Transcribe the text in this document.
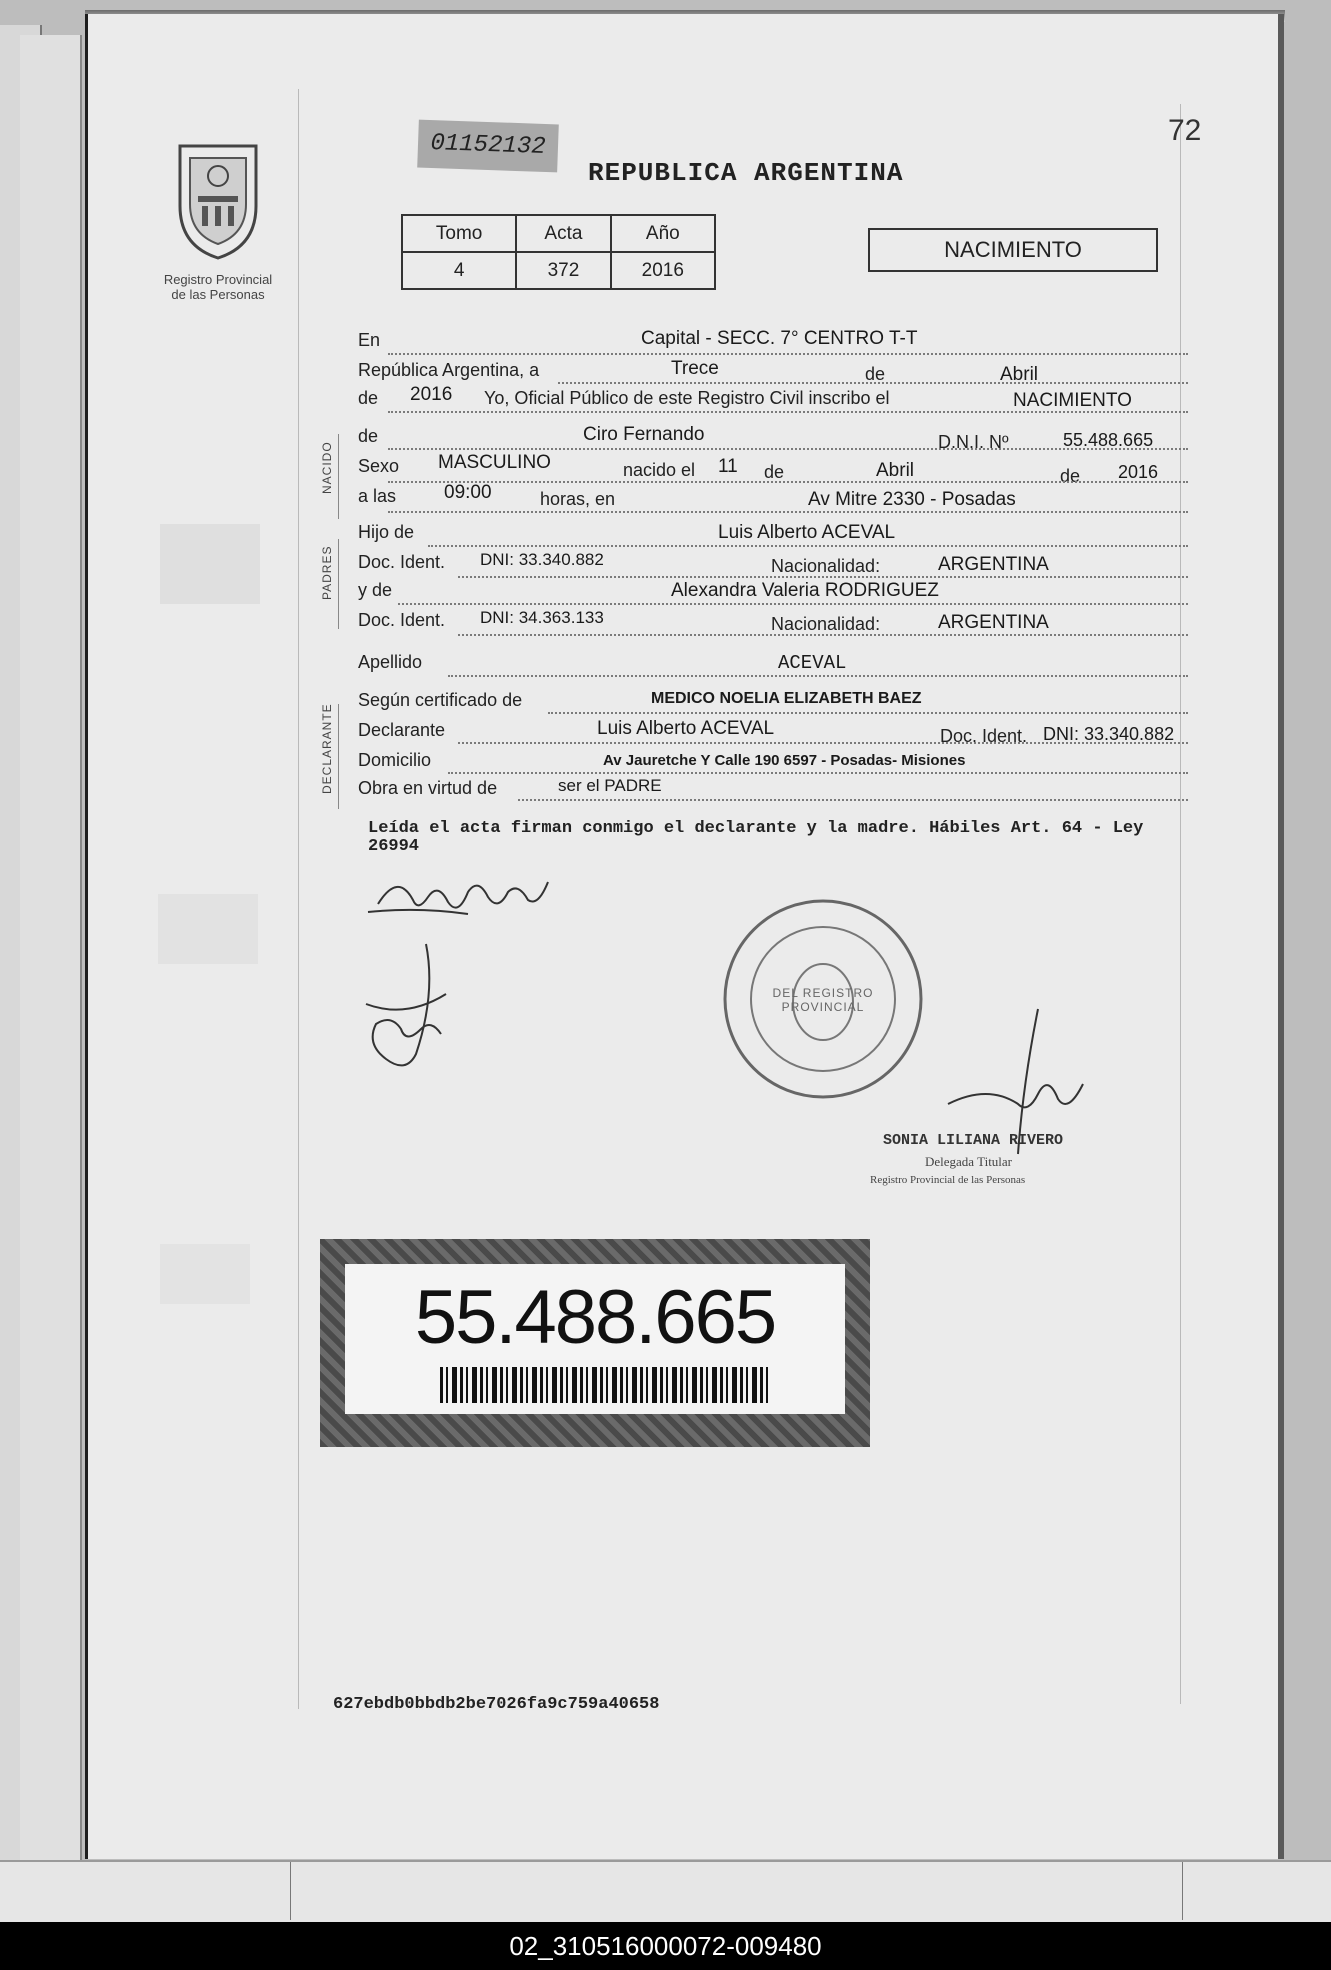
72
Registro Provincial
de las Personas
01152132
REPUBLICA ARGENTINA
Tomo	Acta	Año
4	372	2016
NACIMIENTO
NACIDO
PADRES
DECLARANTE
En	Capital - SECC. 7° CENTRO T-T
República Argentina, a	Trece	de	Abril
de 2016 Yo, Oficial Público de este Registro Civil inscribo el	NACIMIENTO
de	Ciro Fernando	D.N.I. Nº	55.488.665
Sexo MASCULINO	nacido el 11 de	Abril	de 2016
a las	09:00	horas, en	Av Mitre 2330 - Posadas
Hijo de	Luis Alberto ACEVAL
Doc. Ident. DNI: 33.340.882	Nacionalidad:	ARGENTINA
y de	Alexandra Valeria RODRIGUEZ
Doc. Ident. DNI: 34.363.133	Nacionalidad:	ARGENTINA
Apellido	ACEVAL
Según certificado de	MEDICO NOELIA ELIZABETH BAEZ
Declarante	Luis Alberto ACEVAL	Doc. Ident. DNI: 33.340.882
Domicilio	Av Jauretche Y Calle 190 6597 - Posadas- Misiones
Obra en virtud de	ser el PADRE
Leída el acta firman conmigo el declarante y la madre. Hábiles Art. 64 - Ley 26994
DEL REGISTRO PROVINCIAL
SONIA LILIANA RIVERO
Delegada Titular
Registro Provincial de las Personas
55.488.665
627ebdb0bbdb2be7026fa9c759a40658
02_310516000072-009480
